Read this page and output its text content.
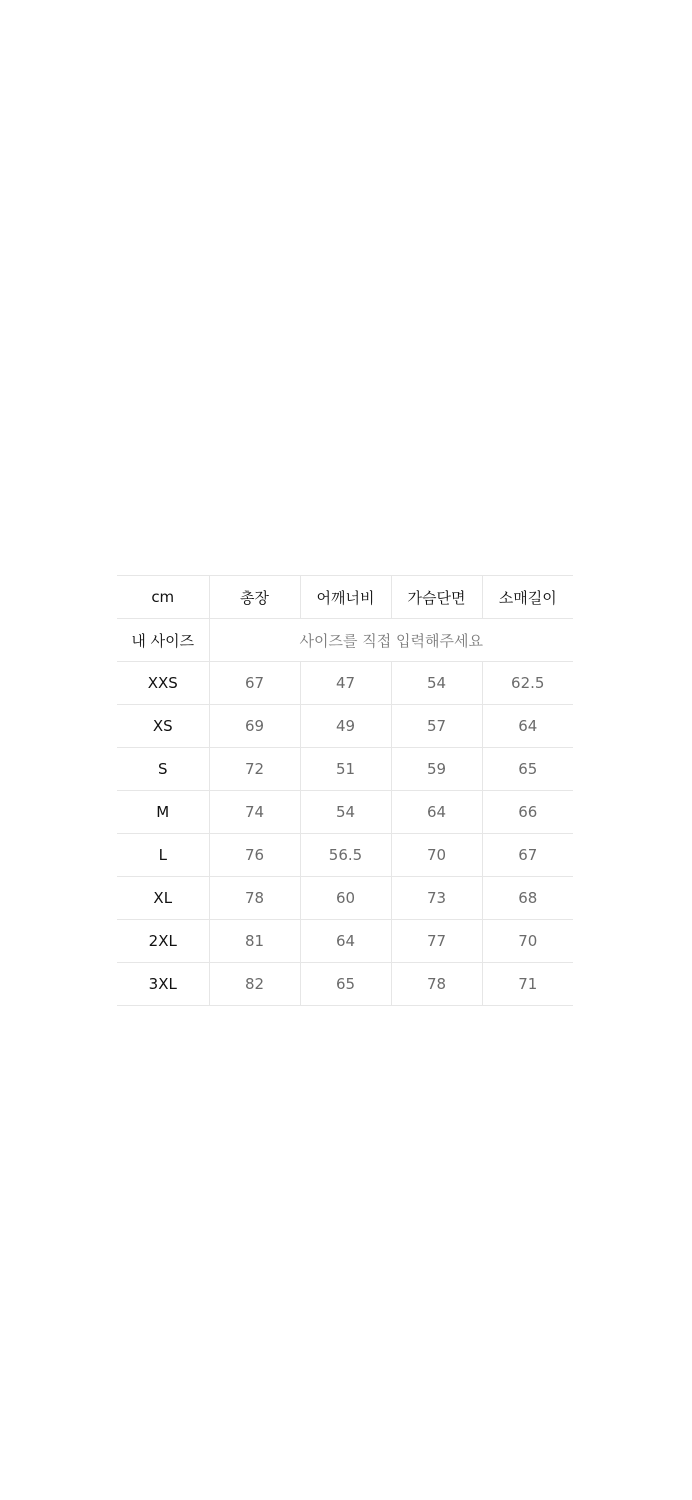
cm	총장	어깨너비	가슴단면	소매길이
내 사이즈	사이즈를 직접 입력해주세요			
XXS	67	47	54	62.5
XS	69	49	57	64
S	72	51	59	65
M	74	54	64	66
L	76	56.5	70	67
XL	78	60	73	68
2XL	81	64	77	70
3XL	82	65	78	71
